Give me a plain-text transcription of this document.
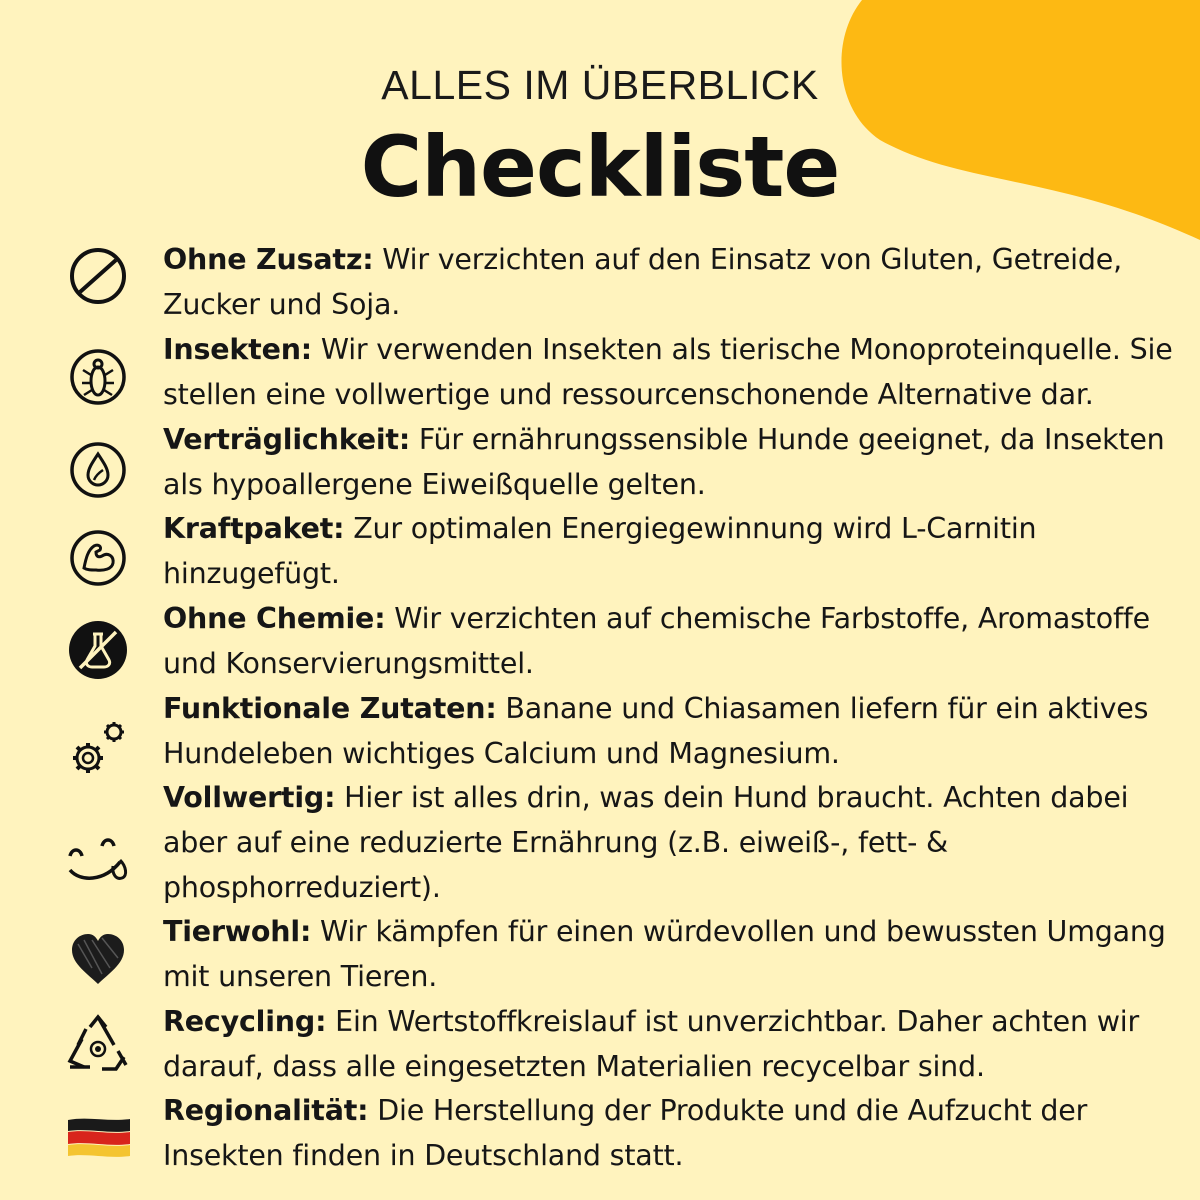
ALLES IM ÜBERBLICK
Checkliste
Ohne Zusatz: Wir verzichten auf den Einsatz von Gluten, Getreide, Zucker und Soja.
Insekten: Wir verwenden Insekten als tierische Monoproteinquelle. Sie stellen eine vollwertige und ressourcenschonende Alternative dar.
Verträglichkeit: Für ernährungssensible Hunde geeignet, da Insekten als hypoallergene Eiweißquelle gelten.
Kraftpaket: Zur optimalen Energiegewinnung wird L-Carnitin hinzugefügt.
Ohne Chemie: Wir verzichten auf chemische Farbstoffe, Aromastoffe und Konservierungsmittel.
Funktionale Zutaten: Banane und Chiasamen liefern für ein aktives Hundeleben wichtiges Calcium und Magnesium.
Vollwertig: Hier ist alles drin, was dein Hund braucht. Achten dabei aber auf eine reduzierte Ernährung (z.B. eiweiß-, fett- & phosphorreduziert).
Tierwohl: Wir kämpfen für einen würdevollen und bewussten Umgang mit unseren Tieren.
Recycling: Ein Wertstoffkreislauf ist unverzichtbar. Daher achten wir darauf, dass alle eingesetzten Materialien recycelbar sind.
Regionalität: Die Herstellung der Produkte und die Aufzucht der Insekten finden in Deutschland statt.
